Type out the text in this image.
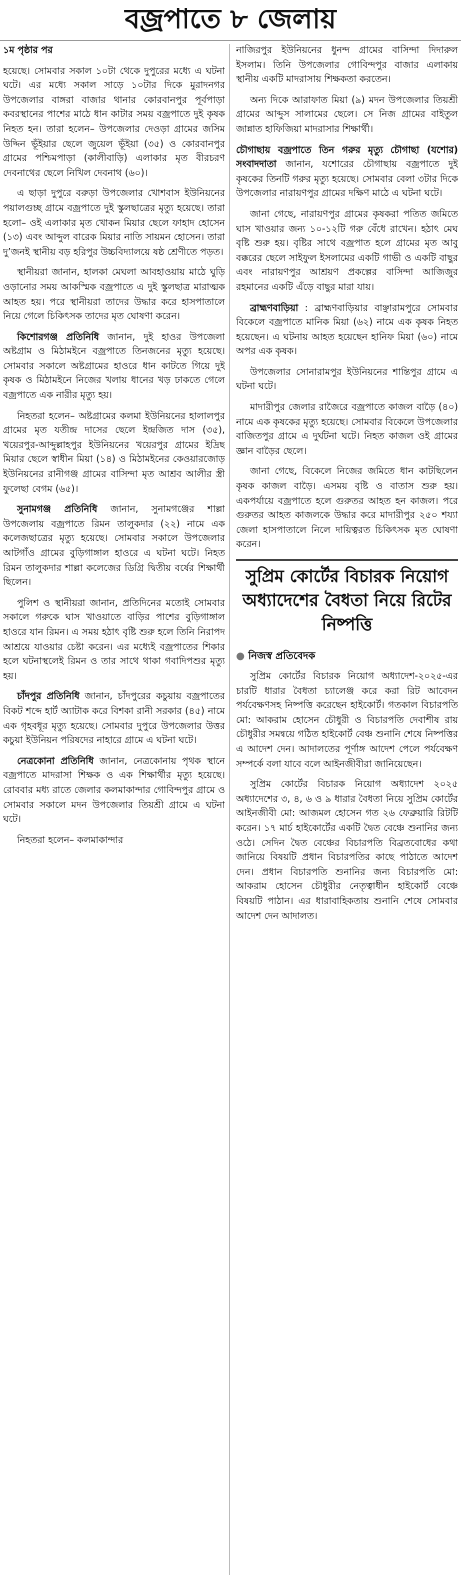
বজ্রপাতে ৮ জেলায়

১ম পৃষ্ঠার পর

হয়েছে। সোমবার সকাল ১০টা থেকে দুপুরের মধ্যে এ ঘটনা ঘটে। এর মধ্যে সকাল সাড়ে ১০টার দিকে মুরাদনগর উপজেলার বাঙ্গরা বাজার থানার কোরবানপুর পূর্বপাড়া কবরস্থানের পাশের মাঠে ধান কাটার সময় বজ্রপাতে দুই কৃষক নিহত হন। তারা হলেন– উপজেলার দেওড়া গ্রামের জসিম উদ্দিন ভূঁইয়ার ছেলে জুয়েল ভূঁইয়া (৩৫) ও কোরবানপুর গ্রামের পশ্চিমপাড়া (কালীবাড়ি) এলাকার মৃত বীরচরণ দেবনাথের ছেলে নিখিল দেবনাথ (৬০)।

এ ছাড়া দুপুরে বরুড়া উপজেলার খোশবাস ইউনিয়নের পয়ালগুচ্ছ গ্রামে বজ্রপাতে দুই স্কুলছাত্রের মৃত্যু হয়েছে। তারা হলো– ওই এলাকার মৃত খোকন মিয়ার ছেলে ফাহাদ হোসেন (১৩) এবং আব্দুল বারেক মিয়ার নাতি সায়মন হোসেন। তারা দু’জনই স্থানীয় বড় হরিপুর উচ্চবিদ্যালয়ে ষষ্ঠ শ্রেণীতে পড়ত।

স্থানীয়রা জানান, হালকা মেঘলা আবহাওয়ায় মাঠে ঘুড়ি ওড়ানোর সময় আকস্মিক বজ্রপাতে এ দুই স্কুলছাত্র মারাত্মক আহত হয়। পরে স্থানীয়রা তাদের উদ্ধার করে হাসপাতালে নিয়ে গেলে চিকিৎসক তাদের মৃত ঘোষণা করেন।

কিশোরগঞ্জ প্রতিনিধি জানান, দুই হাওর উপজেলা অষ্টগ্রাম ও মিঠামইনে বজ্রপাতে তিনজনের মৃত্যু হয়েছে। সোমবার সকালে অষ্টগ্রামের হাওরে ধান কাটতে গিয়ে দুই কৃষক ও মিঠামইনে নিজের খলায় ধানের খড় ঢাকতে গেলে বজ্রপাতে এক নারীর মৃত্যু হয়।

নিহতরা হলেন– অষ্টগ্রামের কলমা ইউনিয়নের হালালপুর গ্রামের মৃত যতীন্দ্র দাসের ছেলে ইন্দ্রজিত দাস (৩৫), খয়েরপুর-আব্দুল্লাহপুর ইউনিয়নের খয়েরপুর গ্রামের ইদ্রিছ মিয়ার ছেলে স্বাধীন মিয়া (১৪) ও মিঠামইনের কেওয়ারজোড় ইউনিয়নের রানীগঞ্জ গ্রামের বাসিন্দা মৃত আশ্রব আলীর স্ত্রী ফুলেছা বেগম (৬৫)।

সুনামগঞ্জ প্রতিনিধি জানান, সুনামগঞ্জের শাল্লা উপজেলায় বজ্রপাতে রিমন তালুকদার (২২) নামে এক কলেজছাত্রের মৃত্যু হয়েছে। সোমবার সকালে উপজেলার আটগাঁও গ্রামের বুড়িগাঙ্গাল হাওরে এ ঘটনা ঘটে। নিহত রিমন তালুকদার শাল্লা কলেজের ডিগ্রি দ্বিতীয় বর্ষের শিক্ষার্থী ছিলেন।

পুলিশ ও স্থানীয়রা জানান, প্রতিদিনের মতোই সোমবার সকালে গরুকে ঘাস খাওয়াতে বাড়ির পাশের বুড়িগাঙ্গাল হাওরে যান রিমন। এ সময় হঠাৎ বৃষ্টি শুরু হলে তিনি নিরাপদ আশ্রয়ে যাওয়ার চেষ্টা করেন। এর মধ্যেই বজ্রপাতের শিকার হলে ঘটনাস্থলেই রিমন ও তার সাথে থাকা গবাদিপশুর মৃত্যু হয়।

চাঁদপুর প্রতিনিধি জানান, চাঁদপুরের কচুয়ায় বজ্রপাতের বিকট শব্দে হার্ট অ্যাটাক করে বিশকা রানী সরকার (৪৫) নামে এক গৃহবধূর মৃত্যু হয়েছে। সোমবার দুপুরে উপজেলার উত্তর কচুয়া ইউনিয়ন পরিষদের নাহারে গ্রামে এ ঘটনা ঘটে।

নেত্রকোনা প্রতিনিধি জানান, নেত্রকোনায় পৃথক স্থানে বজ্রপাতে মাদরাসা শিক্ষক ও এক শিক্ষার্থীর মৃত্যু হয়েছে। রোববার মধ্য রাতে জেলার কলমাকান্দার গোবিন্দপুর গ্রামে ও সোমবার সকালে মদন উপজেলার তিয়শ্রী গ্রামে এ ঘটনা ঘটে।

নিহতরা হলেন– কলমাকান্দার

নাজিরপুর ইউনিয়নের ধুনন্দ গ্রামের বাসিন্দা দিদারুল ইসলাম। তিনি উপজেলার গোবিন্দপুর বাজার এলাকায় স্থানীয় একটি মাদরাসায় শিক্ষকতা করতেন।

অন্য দিকে আরাফাত মিয়া (৯) মদন উপজেলার তিয়শ্রী গ্রামের আব্দুস সালামের ছেলে। সে নিজ গ্রামের বাইতুল জান্নাত হাফিজিয়া মাদরাসার শিক্ষার্থী।

চৌগাছায় বজ্রপাতে তিন গরুর মৃত্যু চৌগাছা (যশোর) সংবাদদাতা জানান, যশোরের চৌগাছায় বজ্রপাতে দুই কৃষকের তিনটি গরুর মৃত্যু হয়েছে। সোমবার বেলা ৩টার দিকে উপজেলার নারায়ণপুর গ্রামের দক্ষিণ মাঠে এ ঘটনা ঘটে।

জানা গেছে, নারায়ণপুর গ্রামের কৃষকরা পতিত জমিতে ঘাস খাওয়ার জন্য ১০-১২টি গরু বেঁধে রাখেন। হঠাৎ মেঘ বৃষ্টি শুরু হয়। বৃষ্টির সাথে বজ্রপাত হলে গ্রামের মৃত আবু বক্করের ছেলে সাইফুল ইসলামের একটি গাভী ও একটি বাছুর এবং নারায়ণপুর আশ্রয়ণ প্রকল্পের বাসিন্দা আজিজুর রহমানের একটি এঁড়ে বাছুর মারা যায়।

ব্রাহ্মণবাড়িয়া : ব্রাহ্মণবাড়িয়ার বাঞ্ছারামপুরে সোমবার বিকেলে বজ্রপাতে মানিক মিয়া (৬২) নামে এক কৃষক নিহত হয়েছেন। এ ঘটনায় আহত হয়েছেন হানিফ মিয়া (৬০) নামে অপর এক কৃষক।

উপজেলার সোনারামপুর ইউনিয়নের শান্তিপুর গ্রামে এ ঘটনা ঘটে।

মাদারীপুর জেলার রাজৈরে বজ্রপাতে কাজল বাড়ৈ (৪০) নামে এক কৃষকের মৃত্যু হয়েছে। সোমবার বিকেলে উপজেলার বাজিতপুর গ্রামে এ দুর্ঘটনা ঘটে। নিহত কাজল ওই গ্রামের জ্ঞান বাড়ৈর ছেলে।

জানা গেছে, বিকেলে নিজের জমিতে ধান কাটছিলেন কৃষক কাজল বাড়ৈ। এসময় বৃষ্টি ও বাতাস শুরু হয়। একপর্যায়ে বজ্রপাতে হলে গুরুতর আহত হন কাজল। পরে গুরুতর আহত কাজলকে উদ্ধার করে মাদারীপুর ২৫০ শয্যা জেলা হাসপাতালে নিলে দায়িত্বরত চিকিৎসক মৃত ঘোষণা করেন।

সুপ্রিম কোর্টের বিচারক নিয়োগ অধ্যাদেশের বৈধতা নিয়ে রিটের নিষ্পত্তি
● নিজস্ব প্রতিবেদক

সুপ্রিম কোর্টের বিচারক নিয়োগ অধ্যাদেশ-২০২৫-এর চারটি ধারার বৈধতা চ্যালেঞ্জ করে করা রিট আবেদন পর্যবেক্ষণসহ নিষ্পত্তি করেছেন হাইকোর্ট। গতকাল বিচারপতি মো: আকরাম হোসেন চৌধুরী ও বিচারপতি দেবাশীষ রায় চৌধুরীর সমন্বয়ে গঠিত হাইকোর্ট বেঞ্চ শুনানি শেষে নিষ্পত্তির এ আদেশ দেন। আদালতের পূর্ণাঙ্গ আদেশ পেলে পর্যবেক্ষণ সম্পর্কে বলা যাবে বলে আইনজীবীরা জানিয়েছেন।

সুপ্রিম কোর্টের বিচারক নিয়োগ অধ্যাদেশ ২০২৫ অধ্যাদেশের ৩, ৪, ৬ ও ৯ ধারার বৈধতা নিয়ে সুপ্রিম কোর্টের আইনজীবী মো: আজমল হোসেন গত ২৬ ফেব্রুয়ারি রিটটি করেন। ১৭ মার্চ হাইকোর্টের একটি দ্বৈত বেঞ্চে শুনানির জন্য ওঠে। সেদিন দ্বৈত বেঞ্চের বিচারপতি বিব্রতবোধের কথা জানিয়ে বিষয়টি প্রধান বিচারপতির কাছে পাঠাতে আদেশ দেন। প্রধান বিচারপতি শুনানির জন্য বিচারপতি মো: আকরাম হোসেন চৌধুরীর নেতৃত্বাধীন হাইকোর্ট বেঞ্চে বিষয়টি পাঠান। এর ধারাবাহিকতায় শুনানি শেষে সোমবার আদেশ দেন আদালত।
